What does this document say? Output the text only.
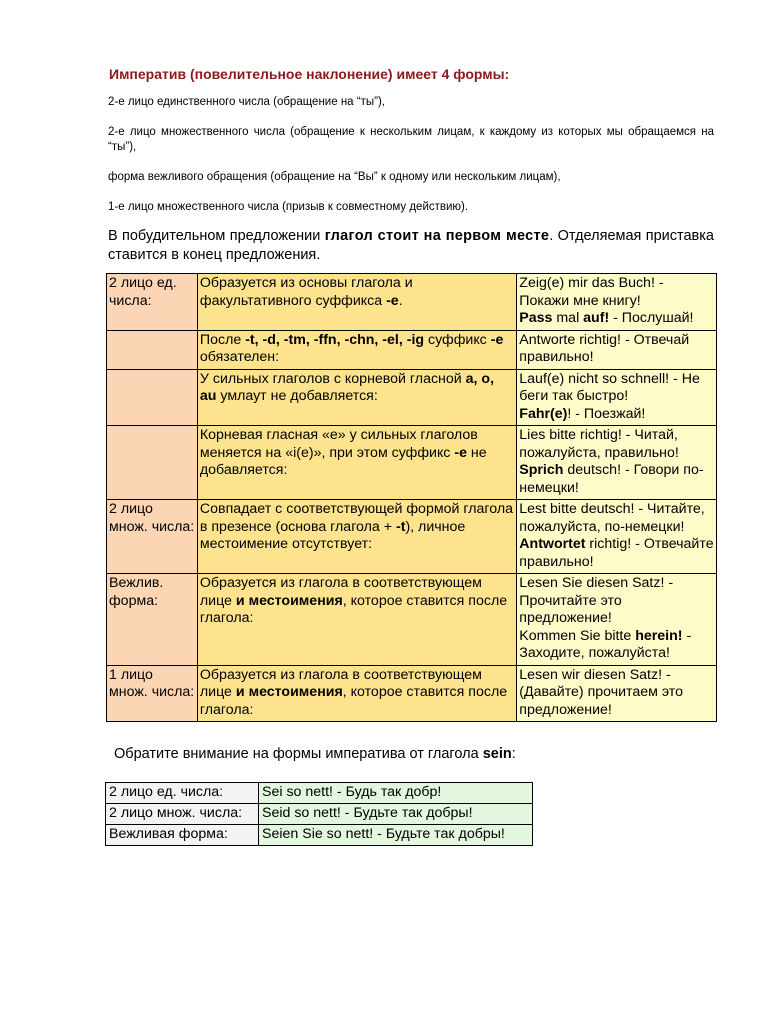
Императив (повелительное наклонение) имеет 4 формы:
2-е лицо единственного числа (обращение на “ты”),
2-е лицо множественного числа (обращение к нескольким лицам, к каждому из которых мы обращаемся на “ты”),
форма вежливого обращения (обращение на “Вы” к одному или нескольким лицам),
1-е лицо множественного числа (призыв к совместному действию).
В побудительном предложении глагол стоит на первом месте. Отделяемая приставка ставится в конец предложения.
2 лицо ед. числа:	Образуется из основы глагола и факультативного суффикса -е.	Zeig(e) mir das Buch! - Покажи мне книгу!
Pass mal auf! - Послушай!
	После -t, -d, -tm, -ffn, -chn, -el, -ig суффикс -e обязателен:	Antworte richtig! - Отвечай правильно!
	У сильных глаголов с корневой гласной a, o, au умлаут не добавляется:	Lauf(e) nicht so schnell! - Не беги так быстро!
Fahr(e)! - Поезжай!
	Корневая гласная «е» у сильных глаголов меняется на «i(e)», при этом суффикс -e не добавляется:	Lies bitte richtig! - Читай, пожалуйста, правильно!
Sprich deutsch! - Говори по-немецки!
2 лицо множ. числа:	Совпадает с соответствующей формой глагола в презенсе (основа глагола + -t), личное местоимение отсутствует:	Lest bitte deutsch! - Читайте, пожалуйста, по-немецки!
Antwortet richtig! - Отвечайте правильно!
Вежлив. форма:	Образуется из глагола в соответствующем лице и местоимения, которое ставится после глагола:	Lesen Sie diesen Satz! - Прочитайте это предложение!
Kommen Sie bitte herein! - Заходите, пожалуйста!
1 лицо множ. числа:	Образуется из глагола в соответствующем лице и местоимения, которое ставится после глагола:	Lesen wir diesen Satz! - (Давайте) прочитаем это предложение!
Обратите внимание на формы императива от глагола sein:
2 лицо ед. числа:	Sei so nett! - Будь так добр!
2 лицо множ. числа:	Seid so nett! - Будьте так добры!
Вежливая форма:	Seien Sie so nett! - Будьте так добры!
